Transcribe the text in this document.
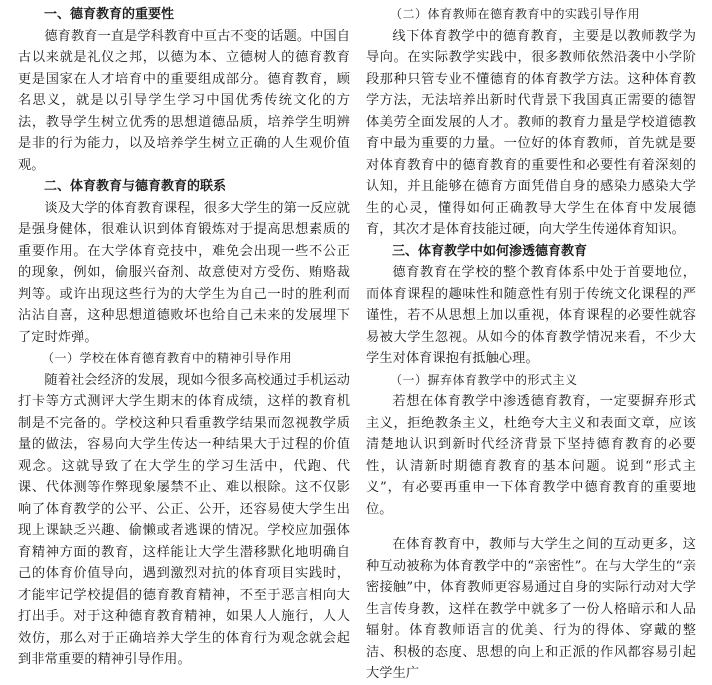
一、德育教育的重要性

德育教育一直是学科教育中亘古不变的话题。中国自古以来就是礼仪之邦，以德为本、立德树人的德育教育更是国家在人才培育中的重要组成部分。德育教育，顾名思义，就是以引导学生学习中国优秀传统文化的方法，教导学生树立优秀的思想道德品质，培养学生明辨是非的行为能力，以及培养学生树立正确的人生观价值观。

二、体育教育与德育教育的联系

谈及大学的体育教育课程，很多大学生的第一反应就是强身健体，很难认识到体育锻炼对于提高思想素质的重要作用。在大学体育竞技中，难免会出现一些不公正的现象，例如，偷服兴奋剂、故意使对方受伤、贿赂裁判等。或许出现这些行为的大学生为自己一时的胜利而沾沾自喜，这种思想道德败坏也给自己未来的发展埋下了定时炸弹。

（一）学校在体育德育教育中的精神引导作用

随着社会经济的发展，现如今很多高校通过手机运动打卡等方式测评大学生期末的体育成绩，这样的教育机制是不完备的。学校这种只看重教学结果而忽视教学质量的做法，容易向大学生传达一种结果大于过程的价值观念。这就导致了在大学生的学习生活中，代跑、代课、代体测等作弊现象屡禁不止、难以根除。这不仅影响了体育教学的公平、公正、公开，还容易使大学生出现上课缺乏兴趣、偷懒或者逃课的情况。学校应加强体育精神方面的教育，这样能让大学生潜移默化地明确自己的体育价值导向，遇到激烈对抗的体育项目实践时，才能牢记学校提倡的德育教育精神，不至于恶言相向大打出手。对于这种德育教育精神，如果人人施行，人人效仿，那么对于正确培养大学生的体育行为观念就会起到非常重要的精神引导作用。

（二）体育教师在德育教育中的实践引导作用

线下体育教学中的德育教育，主要是以教师教学为导向。在实际教学实践中，很多教师依然沿袭中小学阶段那种只管专业不懂德育的体育教学方法。这种体育教学方法，无法培养出新时代背景下我国真正需要的德智体美劳全面发展的人才。教师的教育力量是学校道德教育中最为重要的力量。一位好的体育教师，首先就是要对体育教育中的德育教育的重要性和必要性有着深刻的认知，并且能够在德育方面凭借自身的感染力感染大学生的心灵，懂得如何正确教导大学生在体育中发展德育，其次才是体育技能过硬，向大学生传递体育知识。

三、体育教学中如何渗透德育教育

德育教育在学校的整个教育体系中处于首要地位，而体育课程的趣味性和随意性有别于传统文化课程的严谨性，若不从思想上加以重视，体育课程的必要性就容易被大学生忽视。从如今的体育教学情况来看，不少大学生对体育课抱有抵触心理。

（一）摒弃体育教学中的形式主义

若想在体育教学中渗透德育教育，一定要摒弃形式主义，拒绝教条主义，杜绝夸大主义和表面文章，应该清楚地认识到新时代经济背景下坚持德育教育的必要性，认清新时期德育教育的基本问题。说到“形式主义”，有必要再重申一下体育教学中德育教育的重要地位。

在体育教育中，教师与大学生之间的互动更多，这种互动被称为体育教学中的“亲密性”。在与大学生的“亲密接触”中，体育教师更容易通过自身的实际行动对大学生言传身教，这样在教学中就多了一份人格暗示和人品辐射。体育教师语言的优美、行为的得体、穿戴的整洁、积极的态度、思想的向上和正派的作风都容易引起大学生广
